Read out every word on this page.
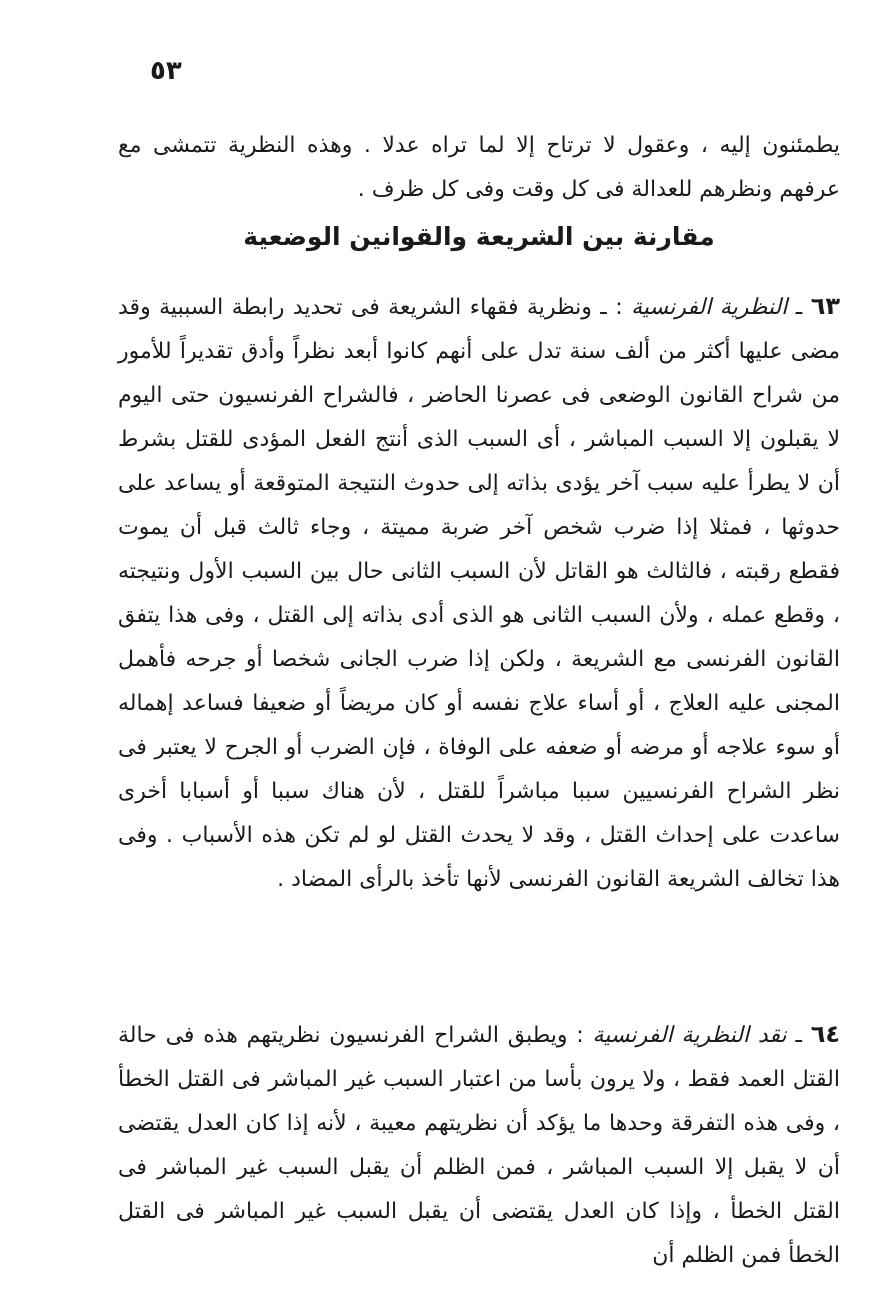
٥٣

يطمئنون إليه ، وعقول لا ترتاح إلا لما تراه عدلا . وهذه النظرية تتمشى مع عرفهم ونظرهم للعدالة فى كل وقت وفى كل ظرف .

مقارنة بين الشريعة والقوانين الوضعية

٦٣ ـ النظرية الفرنسية : ـ ونظرية فقهاء الشريعة فى تحديد رابطة السببية وقد مضى عليها أكثر من ألف سنة تدل على أنهم كانوا أبعد نظراً وأدق تقديراً للأمور من شراح القانون الوضعى فى عصرنا الحاضر ، فالشراح الفرنسيون حتى اليوم لا يقبلون إلا السبب المباشر ، أى السبب الذى أنتج الفعل المؤدى للقتل بشرط أن لا يطرأ عليه سبب آخر يؤدى بذاته إلى حدوث النتيجة المتوقعة أو يساعد على حدوثها ، فمثلا إذا ضرب شخص آخر ضربة مميتة ، وجاء ثالث قبل أن يموت فقطع رقبته ، فالثالث هو القاتل لأن السبب الثانى حال بين السبب الأول ونتيجته ، وقطع عمله ، ولأن السبب الثانى هو الذى أدى بذاته إلى القتل ، وفى هذا يتفق القانون الفرنسى مع الشريعة ، ولكن إذا ضرب الجانى شخصا أو جرحه فأهمل المجنى عليه العلاج ، أو أساء علاج نفسه أو كان مريضاً أو ضعيفا فساعد إهماله أو سوء علاجه أو مرضه أو ضعفه على الوفاة ، فإن الضرب أو الجرح لا يعتبر فى نظر الشراح الفرنسيين سببا مباشراً للقتل ، لأن هناك سببا أو أسبابا أخرى ساعدت على إحداث القتل ، وقد لا يحدث القتل لو لم تكن هذه الأسباب . وفى هذا تخالف الشريعة القانون الفرنسى لأنها تأخذ بالرأى المضاد .

٦٤ ـ نقد النظرية الفرنسية : ويطبق الشراح الفرنسيون نظريتهم هذه فى حالة القتل العمد فقط ، ولا يرون بأسا من اعتبار السبب غير المباشر فى القتل الخطأ ، وفى هذه التفرقة وحدها ما يؤكد أن نظريتهم معيبة ، لأنه إذا كان العدل يقتضى أن لا يقبل إلا السبب المباشر ، فمن الظلم أن يقبل السبب غير المباشر فى القتل الخطأ ، وإذا كان العدل يقتضى أن يقبل السبب غير المباشر فى القتل الخطأ فمن الظلم أن
